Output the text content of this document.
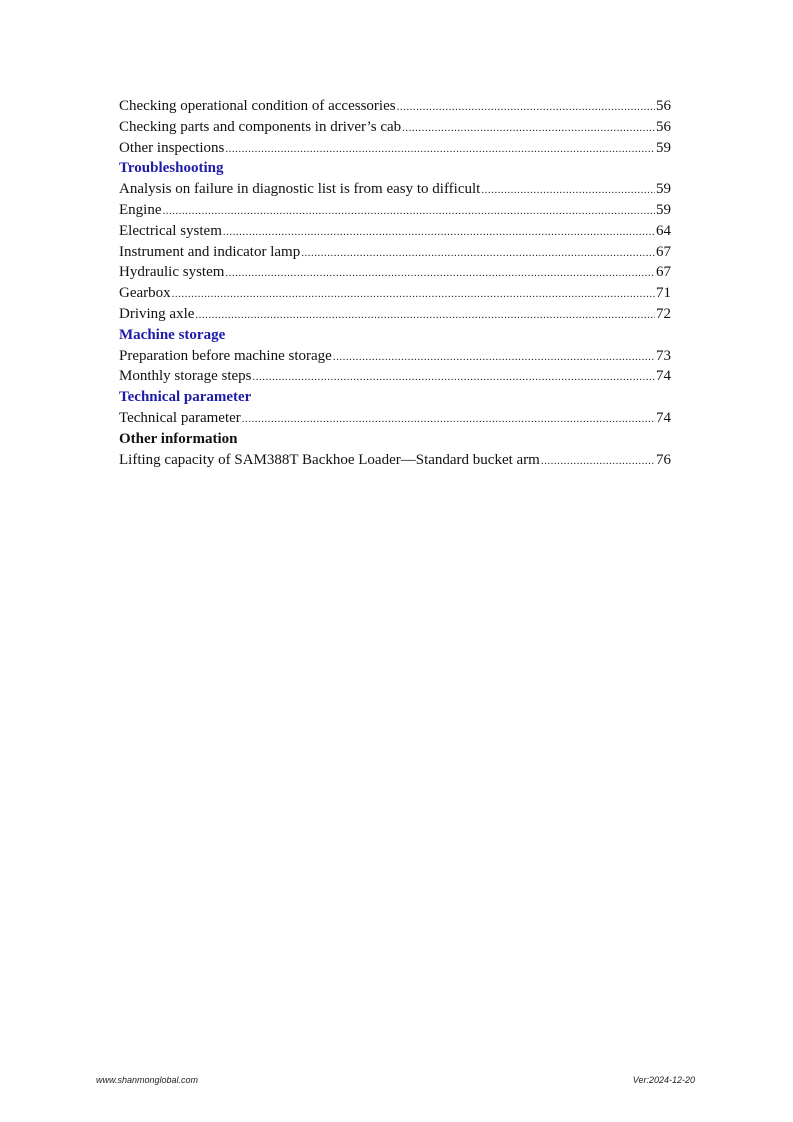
Checking operational condition of accessories .....	56
Checking parts and components in driver’s cab .....	56
Other inspections .....	59
Troubleshooting
Analysis on failure in diagnostic list is from easy to difficult .....	59
Engine .....	59
Electrical system .....	64
Instrument and indicator lamp .....	67
Hydraulic system .....	67
Gearbox .....	71
Driving axle .....	72
Machine storage
Preparation before machine storage .....	73
Monthly storage steps .....	74
Technical parameter
Technical parameter .....	74
Other information
Lifting capacity of SAM388T Backhoe Loader—Standard bucket arm .....	76
www.shanmonglobal.com	Ver:2024-12-20
